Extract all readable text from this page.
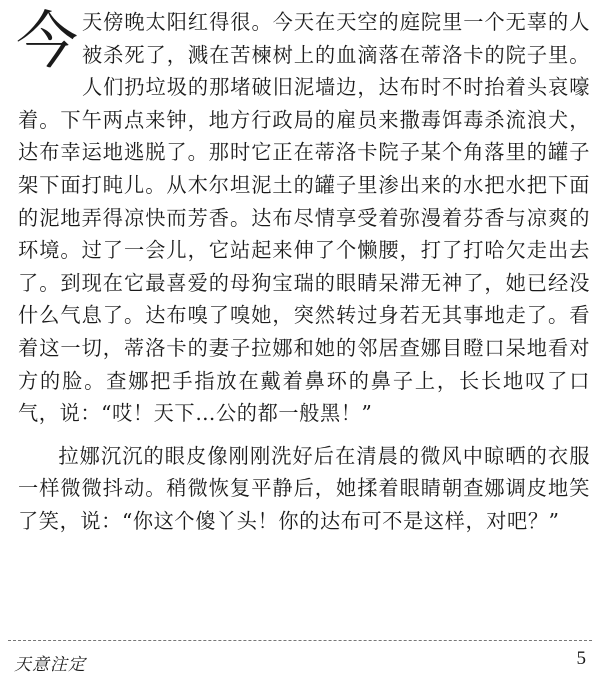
今天傍晚太阳红得很。今天在天空的庭院里一个无辜的人被杀死了，溅在苦楝树上的血滴落在蒂洛卡的院子里。人们扔垃圾的那堵破旧泥墙边，达布时不时抬着头哀嚎着。下午两点来钟，地方行政局的雇员来撒毒饵毒杀流浪犬，达布幸运地逃脱了。那时它正在蒂洛卡院子某个角落里的罐子架下面打盹儿。从木尔坦泥土的罐子里渗出来的水把水把下面的泥地弄得凉快而芳香。达布尽情享受着弥漫着芬香与凉爽的环境。过了一会儿，它站起来伸了个懒腰，打了打哈欠走出去了。到现在它最喜爱的母狗宝瑞的眼睛呆滞无神了，她已经没什么气息了。达布嗅了嗅她，突然转过身若无其事地走了。看着这一切，蒂洛卡的妻子拉娜和她的邻居查娜目瞪口呆地看对方的脸。查娜把手指放在戴着鼻环的鼻子上，长长地叹了口气，说：“哎！天下…公的都一般黑！”

拉娜沉沉的眼皮像刚刚洗好后在清晨的微风中晾晒的衣服一样微微抖动。稍微恢复平静后，她揉着眼睛朝查娜调皮地笑了笑，说：“你这个傻丫头！你的达布可不是这样，对吧？”

天意注定	5
